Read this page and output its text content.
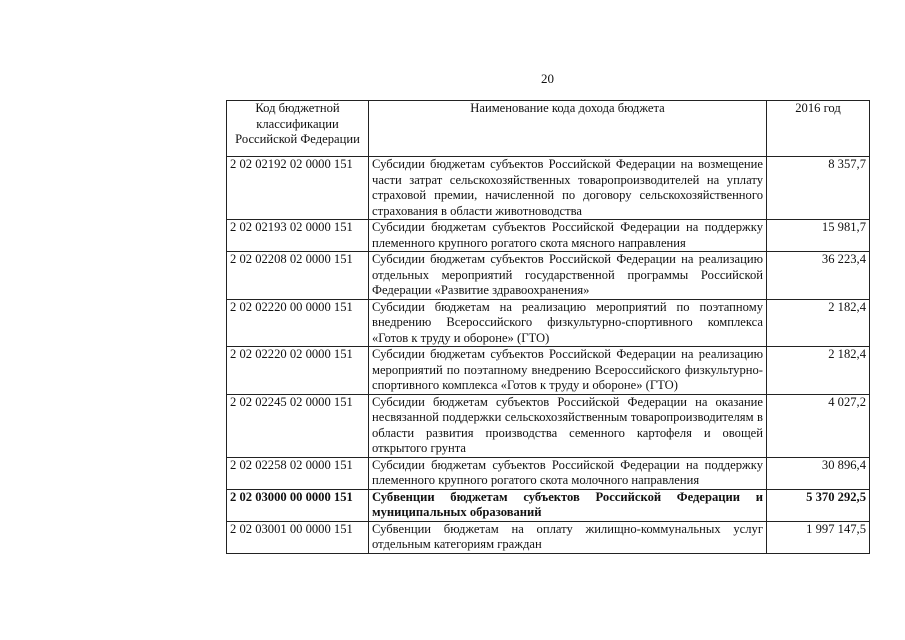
20
Код бюджетной классификации Российской Федерации	Наименование кода дохода бюджета	2016 год
2 02 02192 02 0000 151	Субсидии бюджетам субъектов Российской Федерации на возмещение части затрат сельскохозяйственных товаропроизводителей на уплату страховой премии, начисленной по договору сельскохозяйственного страхования в области животноводства	8 357,7
2 02 02193 02 0000 151	Субсидии бюджетам субъектов Российской Федерации на поддержку племенного крупного рогатого скота мясного направления	15 981,7
2 02 02208 02 0000 151	Субсидии бюджетам субъектов Российской Федерации на реализацию отдельных мероприятий государственной программы Российской Федерации «Развитие здравоохранения»	36 223,4
2 02 02220 00 0000 151	Субсидии бюджетам на реализацию мероприятий по поэтапному внедрению Всероссийского физкультурно-спортивного комплекса «Готов к труду и обороне» (ГТО)	2 182,4
2 02 02220 02 0000 151	Субсидии бюджетам субъектов Российской Федерации на реализацию мероприятий по поэтапному внедрению Всероссийского физкультурно-спортивного комплекса «Готов к труду и обороне» (ГТО)	2 182,4
2 02 02245 02 0000 151	Субсидии бюджетам субъектов Российской Федерации на оказание несвязанной поддержки сельскохозяйственным товаропроизводителям в области развития производства семенного картофеля и овощей открытого грунта	4 027,2
2 02 02258 02 0000 151	Субсидии бюджетам субъектов Российской Федерации на поддержку племенного крупного рогатого скота молочного направления	30 896,4
2 02 03000 00 0000 151	Субвенции бюджетам субъектов Российской Федерации и муниципальных образований	5 370 292,5
2 02 03001 00 0000 151	Субвенции бюджетам на оплату жилищно-коммунальных услуг отдельным категориям граждан	1 997 147,5
